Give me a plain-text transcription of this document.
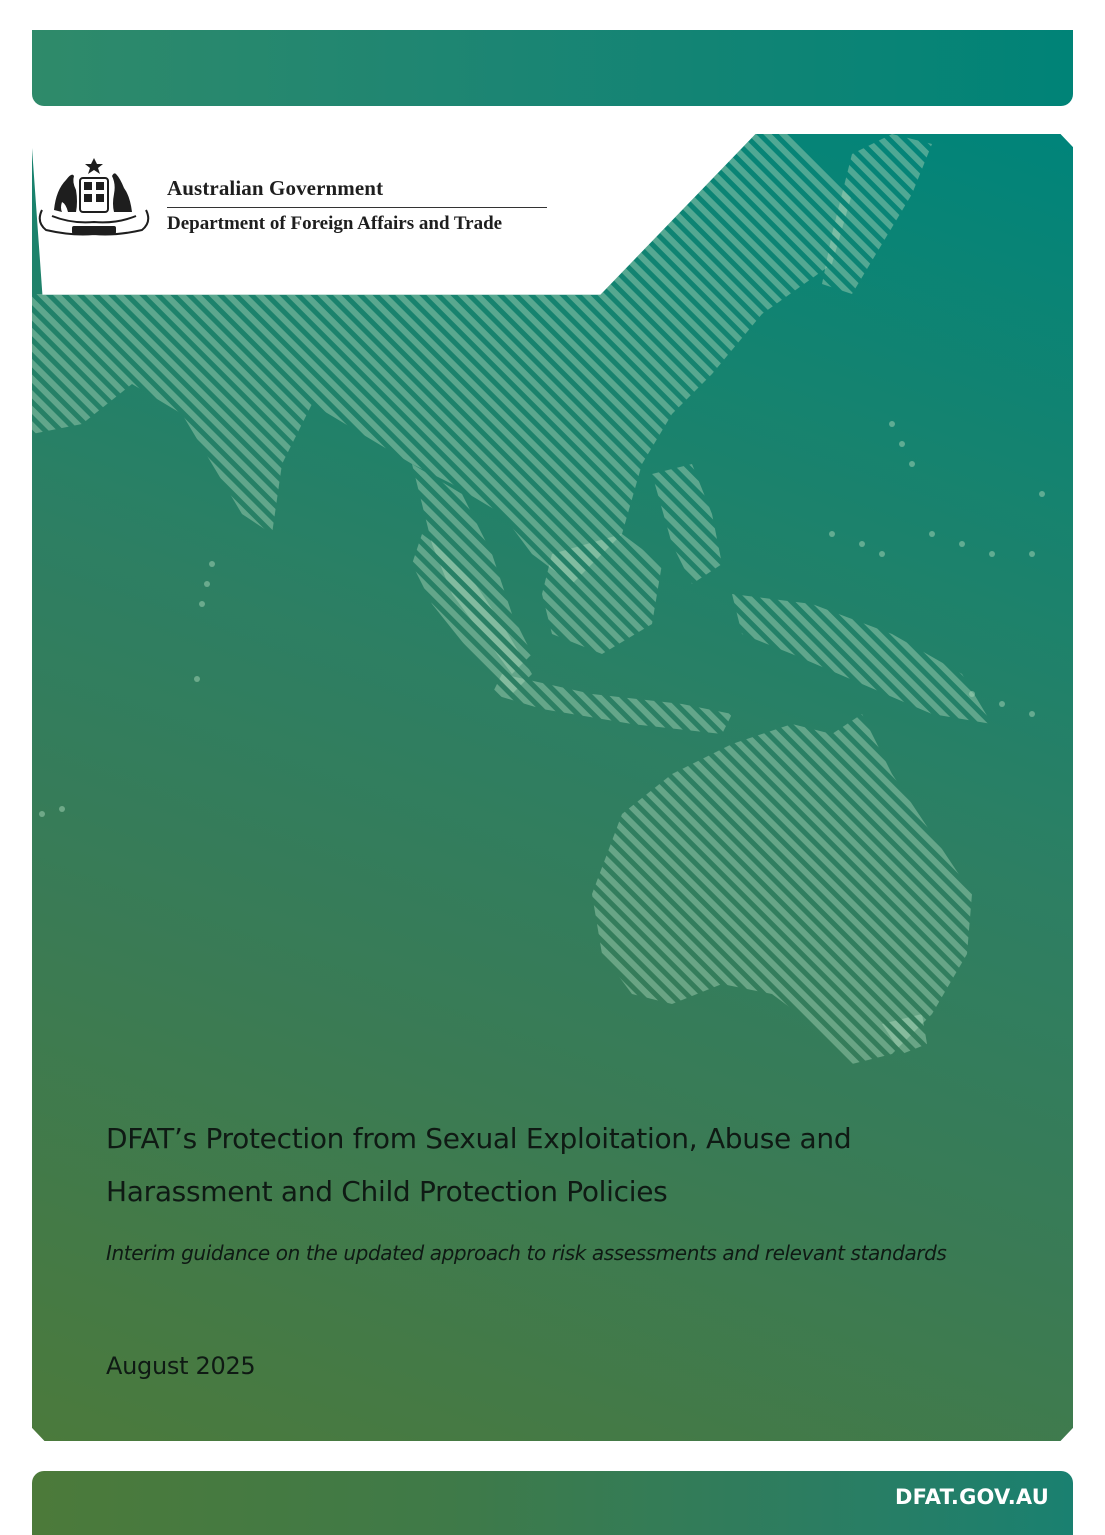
Australian Government
Department of Foreign Affairs and Trade
DFAT’s Protection from Sexual Exploitation, Abuse and
Harassment and Child Protection Policies
Interim guidance on the updated approach to risk assessments and relevant standards
August 2025
DFAT.GOV.AU
